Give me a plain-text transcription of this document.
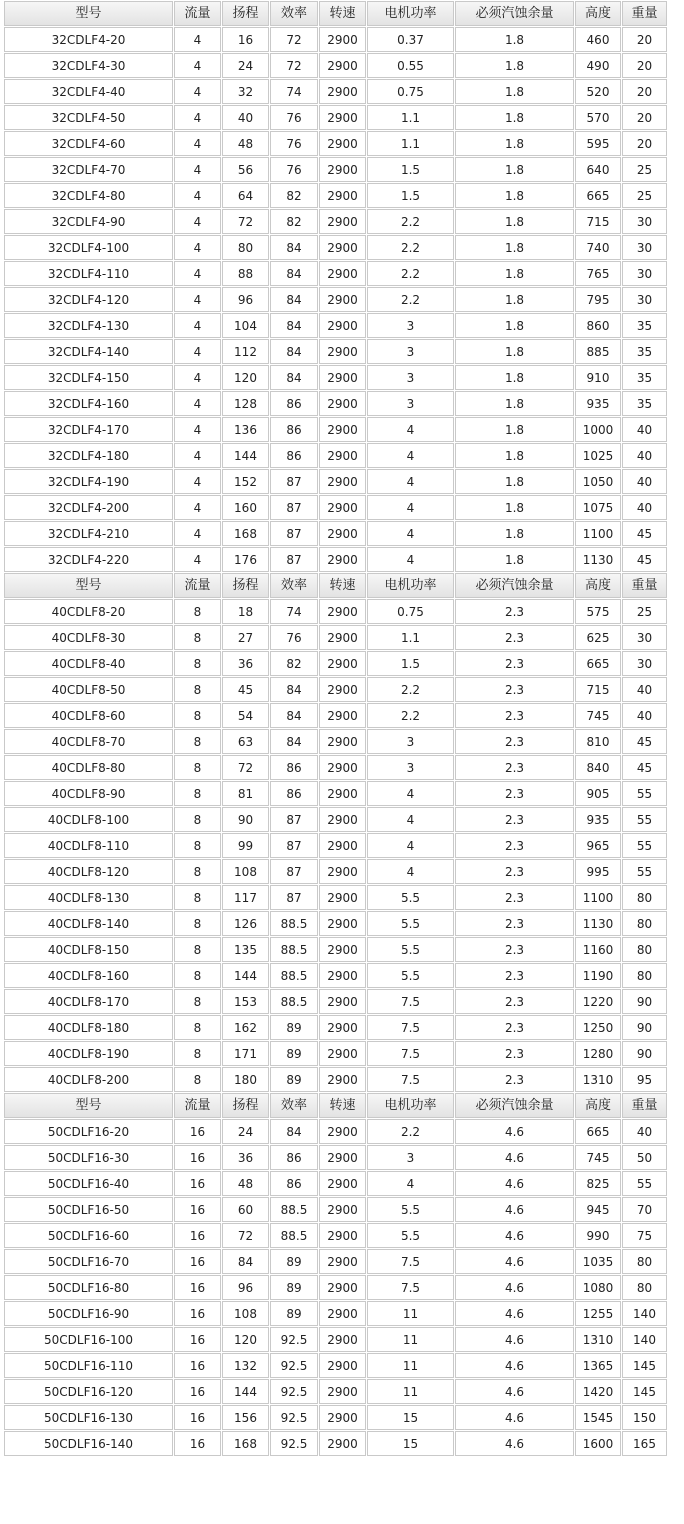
型号	流量	扬程	效率	转速	电机功率	必须汽蚀余量	高度	重量
32CDLF4-20	4	16	72	2900	0.37	1.8	460	20
32CDLF4-30	4	24	72	2900	0.55	1.8	490	20
32CDLF4-40	4	32	74	2900	0.75	1.8	520	20
32CDLF4-50	4	40	76	2900	1.1	1.8	570	20
32CDLF4-60	4	48	76	2900	1.1	1.8	595	20
32CDLF4-70	4	56	76	2900	1.5	1.8	640	25
32CDLF4-80	4	64	82	2900	1.5	1.8	665	25
32CDLF4-90	4	72	82	2900	2.2	1.8	715	30
32CDLF4-100	4	80	84	2900	2.2	1.8	740	30
32CDLF4-110	4	88	84	2900	2.2	1.8	765	30
32CDLF4-120	4	96	84	2900	2.2	1.8	795	30
32CDLF4-130	4	104	84	2900	3	1.8	860	35
32CDLF4-140	4	112	84	2900	3	1.8	885	35
32CDLF4-150	4	120	84	2900	3	1.8	910	35
32CDLF4-160	4	128	86	2900	3	1.8	935	35
32CDLF4-170	4	136	86	2900	4	1.8	1000	40
32CDLF4-180	4	144	86	2900	4	1.8	1025	40
32CDLF4-190	4	152	87	2900	4	1.8	1050	40
32CDLF4-200	4	160	87	2900	4	1.8	1075	40
32CDLF4-210	4	168	87	2900	4	1.8	1100	45
32CDLF4-220	4	176	87	2900	4	1.8	1130	45
型号	流量	扬程	效率	转速	电机功率	必须汽蚀余量	高度	重量
40CDLF8-20	8	18	74	2900	0.75	2.3	575	25
40CDLF8-30	8	27	76	2900	1.1	2.3	625	30
40CDLF8-40	8	36	82	2900	1.5	2.3	665	30
40CDLF8-50	8	45	84	2900	2.2	2.3	715	40
40CDLF8-60	8	54	84	2900	2.2	2.3	745	40
40CDLF8-70	8	63	84	2900	3	2.3	810	45
40CDLF8-80	8	72	86	2900	3	2.3	840	45
40CDLF8-90	8	81	86	2900	4	2.3	905	55
40CDLF8-100	8	90	87	2900	4	2.3	935	55
40CDLF8-110	8	99	87	2900	4	2.3	965	55
40CDLF8-120	8	108	87	2900	4	2.3	995	55
40CDLF8-130	8	117	87	2900	5.5	2.3	1100	80
40CDLF8-140	8	126	88.5	2900	5.5	2.3	1130	80
40CDLF8-150	8	135	88.5	2900	5.5	2.3	1160	80
40CDLF8-160	8	144	88.5	2900	5.5	2.3	1190	80
40CDLF8-170	8	153	88.5	2900	7.5	2.3	1220	90
40CDLF8-180	8	162	89	2900	7.5	2.3	1250	90
40CDLF8-190	8	171	89	2900	7.5	2.3	1280	90
40CDLF8-200	8	180	89	2900	7.5	2.3	1310	95
型号	流量	扬程	效率	转速	电机功率	必须汽蚀余量	高度	重量
50CDLF16-20	16	24	84	2900	2.2	4.6	665	40
50CDLF16-30	16	36	86	2900	3	4.6	745	50
50CDLF16-40	16	48	86	2900	4	4.6	825	55
50CDLF16-50	16	60	88.5	2900	5.5	4.6	945	70
50CDLF16-60	16	72	88.5	2900	5.5	4.6	990	75
50CDLF16-70	16	84	89	2900	7.5	4.6	1035	80
50CDLF16-80	16	96	89	2900	7.5	4.6	1080	80
50CDLF16-90	16	108	89	2900	11	4.6	1255	140
50CDLF16-100	16	120	92.5	2900	11	4.6	1310	140
50CDLF16-110	16	132	92.5	2900	11	4.6	1365	145
50CDLF16-120	16	144	92.5	2900	11	4.6	1420	145
50CDLF16-130	16	156	92.5	2900	15	4.6	1545	150
50CDLF16-140	16	168	92.5	2900	15	4.6	1600	165
